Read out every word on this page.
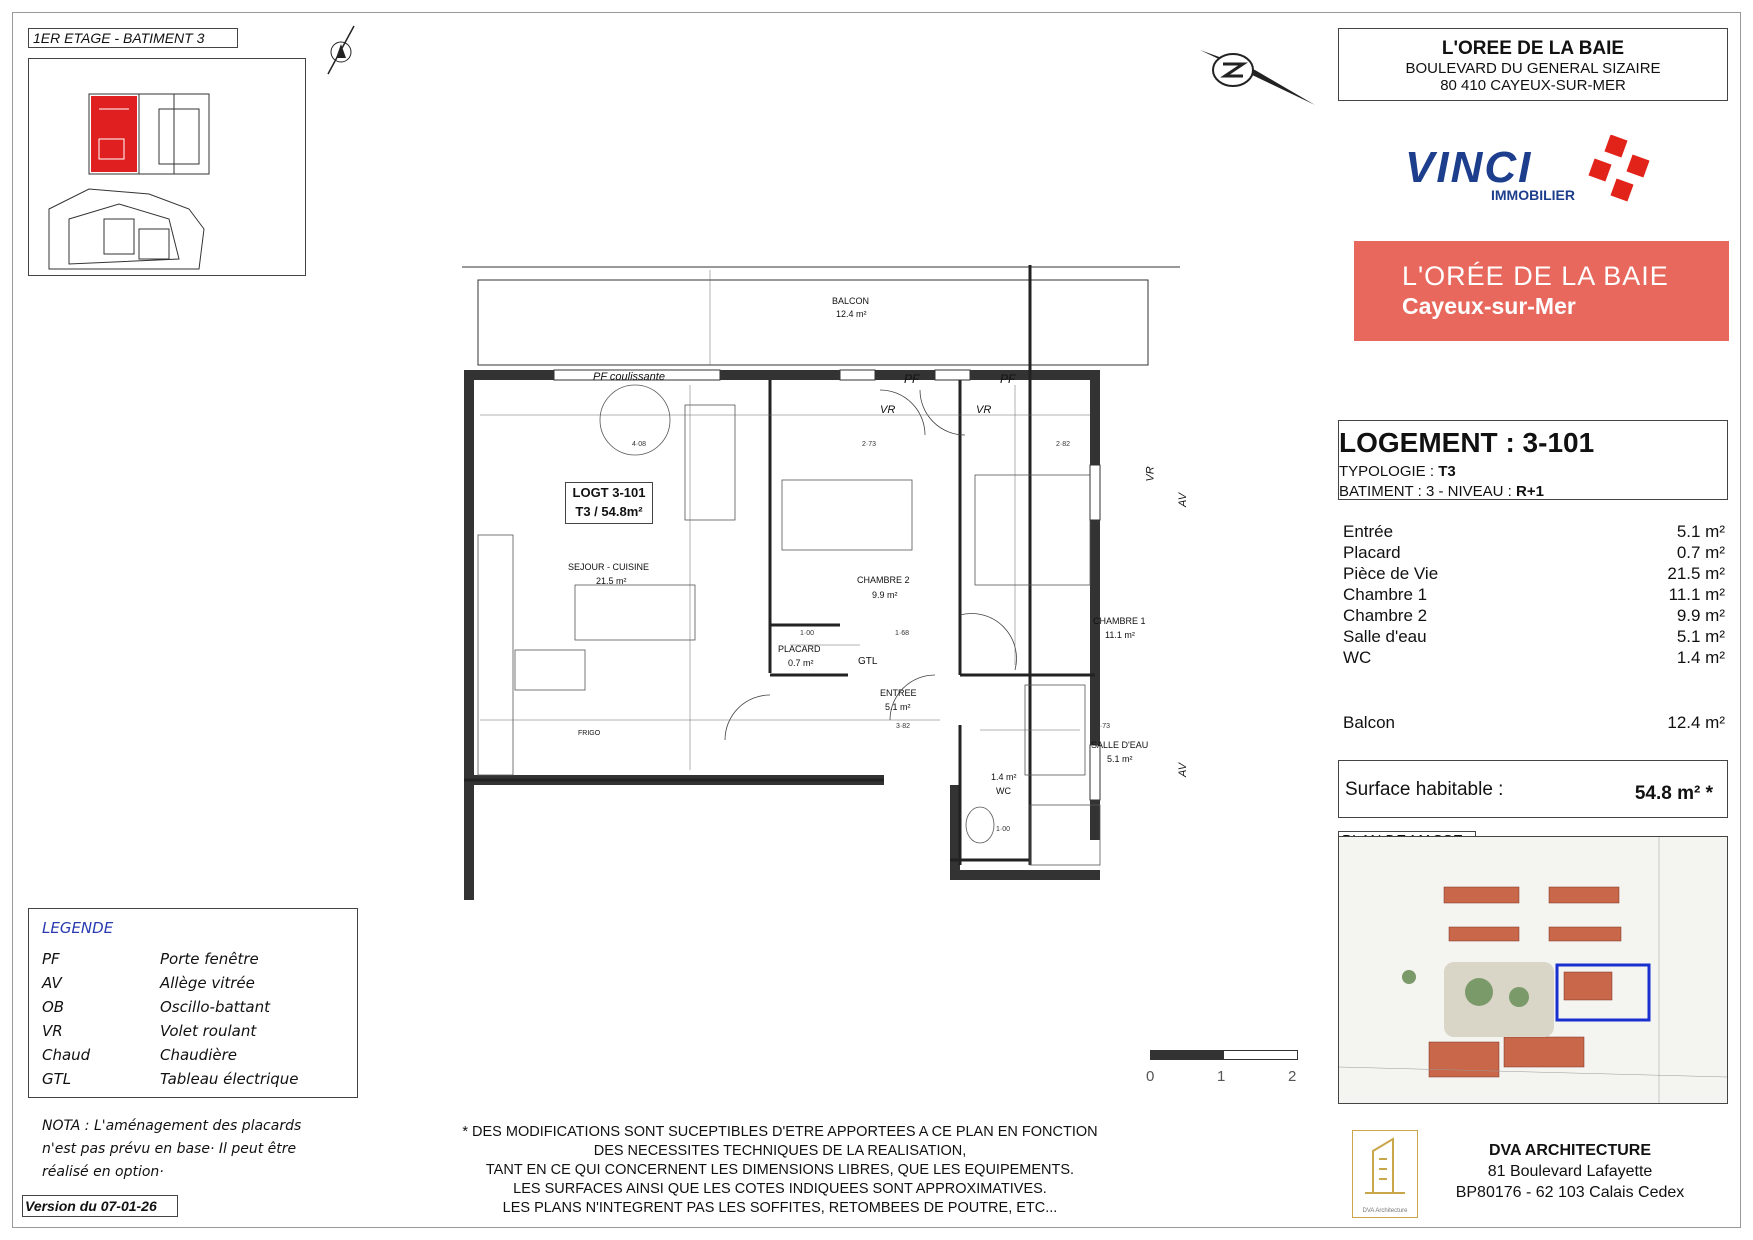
1ER ETAGE - BATIMENT 3	L'OREE DE LA BAIE
BOULEVARD DU GENERAL SIZAIRE
80 410 CAYEUX-SUR-MER
VINCI
IMMOBILIER
L'ORÉE DE LA BAIE
Cayeux-sur-Mer
LOGEMENT : 3-101
TYPOLOGIE : T3
BATIMENT : 3 - NIVEAU : R+1
Entrée	5.1 m²
Placard	0.7 m²
Pièce de Vie	21.5 m²
Chambre 1	11.1 m²
Chambre 2	9.9 m²
Salle d'eau	5.1 m²
WC	1.4 m²
Balcon	12.4 m²
Surface habitable :	54.8 m² *
BALCON
12.4 m²
PF coulissante	PF	PF
VR	VR
VR
AV
AV
LOGT 3-101
T3 / 54.8m²
SEJOUR - CUISINE
21.5 m²	CHAMBRE 2
9.9 m²
CHAMBRE 1
11.1 m²
PLACARD
0.7 m²	GTL
ENTREE
5.1 m²
SALLE D'EAU
5.1 m²
1.4 m²
WC
FRIGO
4·08	2·73	2·82
1·68
3·82	1·73
1·00
1·00
0	1	2
LEGENDE
PF	Porte fenêtre
AV	Allège vitrée
OB	Oscillo-battant
VR	Volet roulant
Chaud	Chaudière
GTL	Tableau électrique
NOTA : L'aménagement des placards
n'est pas prévu en base· Il peut être
réalisé en option·
Version du 07-01-26
* DES MODIFICATIONS SONT SUCEPTIBLES D'ETRE APPORTEES A CE PLAN EN FONCTION
DES NECESSITES TECHNIQUES DE LA REALISATION,
TANT EN CE QUI CONCERNENT LES DIMENSIONS LIBRES, QUE LES EQUIPEMENTS.
LES SURFACES AINSI QUE LES COTES INDIQUEES SONT APPROXIMATIVES.
LES PLANS N'INTEGRENT PAS LES SOFFITES, RETOMBEES DE POUTRE, ETC...	DVA Architecture
DVA ARCHITECTURE
81 Boulevard Lafayette
BP80176 - 62 103 Calais Cedex
